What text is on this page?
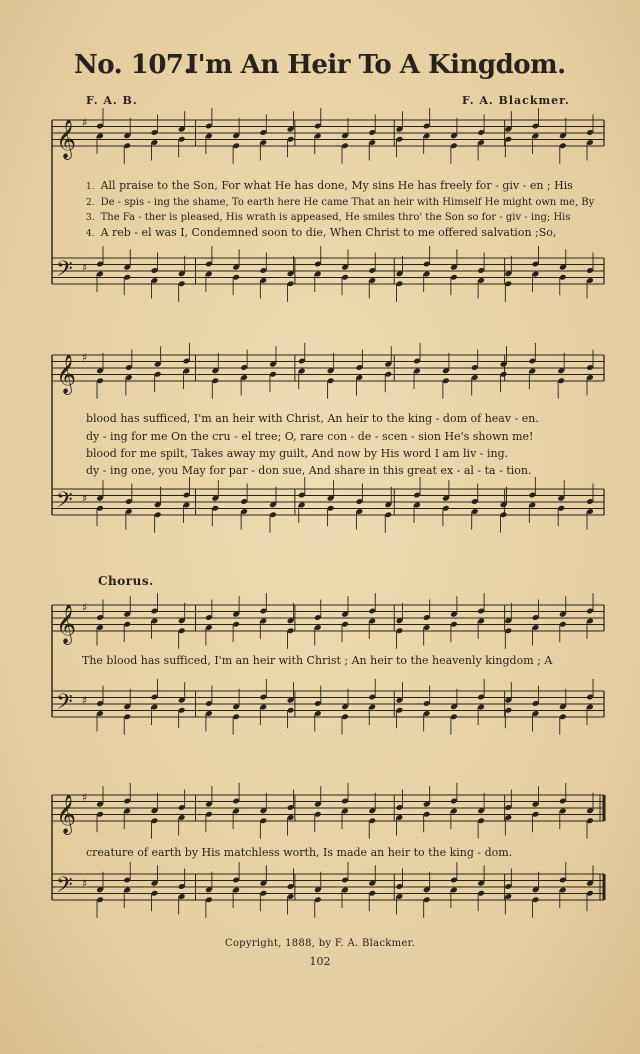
No. 107.
I'm An Heir To A Kingdom.
F. A. B.	F. A. Blackmer.
𝄞
𝄢
♯
♯
𝄞
𝄢
♯
♯
𝄞
𝄢
♯
♯
𝄞
𝄢
♯
♯
1. All praise to the Son, For what He has done, My sins He has freely for - giv - en ; His
2. De - spis - ing the shame, To earth here He came That an heir with Himself He might own me, By
3. The Fa - ther is pleased, His wrath is appeased, He smiles thro' the Son so for - giv - ing; His
4. A reb - el was I, Condemned soon to die, When Christ to me offered salvation ;So,
blood has sufficed, I'm an heir with Christ, An heir to the king - dom of heav - en.
dy - ing for me On the cru - el tree; O, rare con - de - scen - sion He's shown me!
blood for me spilt, Takes away my guilt, And now by His word I am liv - ing.
dy - ing one, you May for par - don sue, And share in this great ex - al - ta - tion.
Chorus.
The blood has sufficed, I'm an heir with Christ ; An heir to the heavenly kingdom ; A
creature of earth by His matchless worth, Is made an heir to the king - dom.
Copyright, 1888, by F. A. Blackmer.
102
